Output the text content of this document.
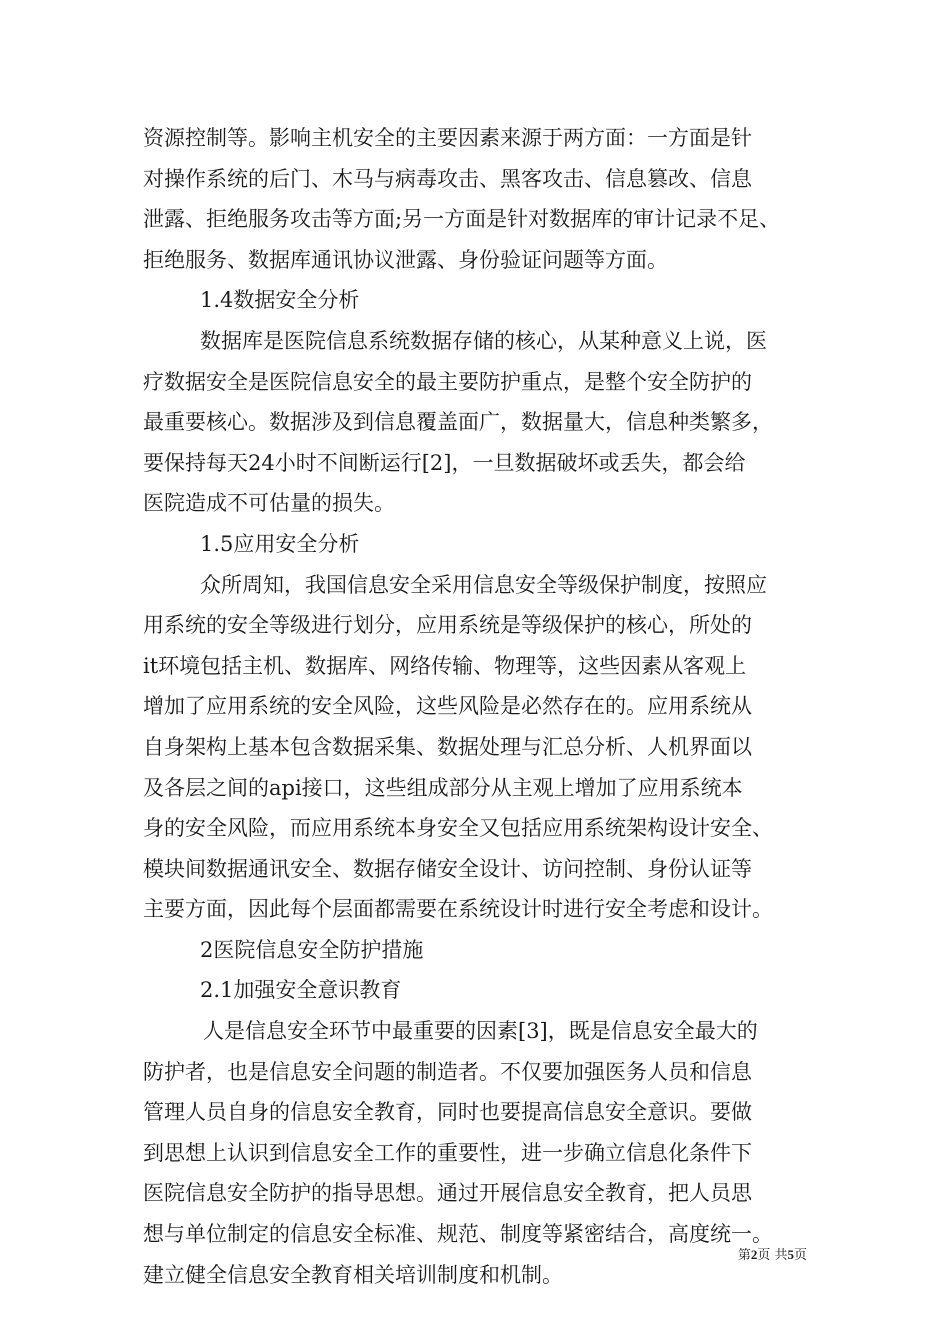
资源控制等。影响主机安全的主要因素来源于两方面：一方面是针
对操作系统的后门、木马与病毒攻击、黑客攻击、信息篡改、信息
泄露、拒绝服务攻击等方面;另一方面是针对数据库的审计记录不足、
拒绝服务、数据库通讯协议泄露、身份验证问题等方面。
1.4数据安全分析
数据库是医院信息系统数据存储的核心，从某种意义上说，医
疗数据安全是医院信息安全的最主要防护重点，是整个安全防护的
最重要核心。数据涉及到信息覆盖面广，数据量大，信息种类繁多，
要保持每天24小时不间断运行[2]，一旦数据破坏或丢失，都会给
医院造成不可估量的损失。
1.5应用安全分析
众所周知，我国信息安全采用信息安全等级保护制度，按照应
用系统的安全等级进行划分，应用系统是等级保护的核心，所处的
it环境包括主机、数据库、网络传输、物理等，这些因素从客观上
增加了应用系统的安全风险，这些风险是必然存在的。应用系统从
自身架构上基本包含数据采集、数据处理与汇总分析、人机界面以
及各层之间的api接口，这些组成部分从主观上增加了应用系统本
身的安全风险，而应用系统本身安全又包括应用系统架构设计安全、
模块间数据通讯安全、数据存储安全设计、访问控制、身份认证等
主要方面，因此每个层面都需要在系统设计时进行安全考虑和设计。
2医院信息安全防护措施
2.1加强安全意识教育
人是信息安全环节中最重要的因素[3]，既是信息安全最大的
防护者，也是信息安全问题的制造者。不仅要加强医务人员和信息
管理人员自身的信息安全教育，同时也要提高信息安全意识。要做
到思想上认识到信息安全工作的重要性，进一步确立信息化条件下
医院信息安全防护的指导思想。通过开展信息安全教育，把人员思
想与单位制定的信息安全标准、规范、制度等紧密结合，高度统一。
建立健全信息安全教育相关培训制度和机制。
第2页 共5页
